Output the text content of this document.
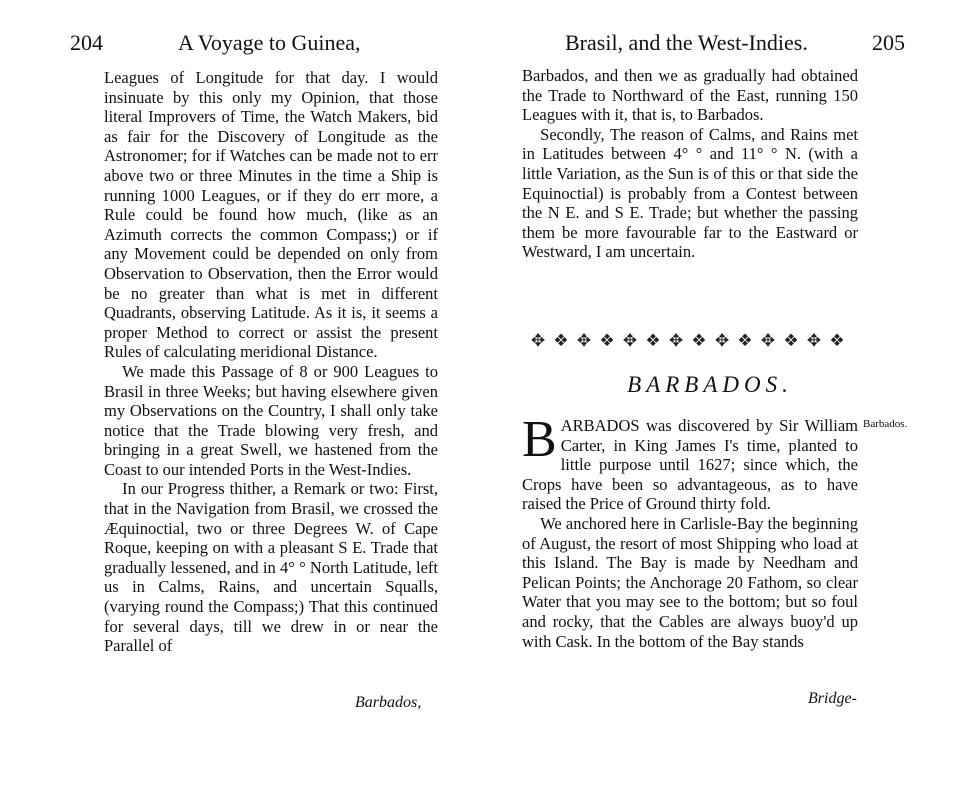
204	A Voyage to Guinea,

Leagues of Longitude for that day. I would insinuate by this only my Opinion, that those literal Improvers of Time, the Watch Makers, bid as fair for the Discovery of Longitude as the Astronomer; for if Watches can be made not to err above two or three Minutes in the time a Ship is running 1000 Leagues, or if they do err more, a Rule could be found how much, (like as an Azimuth corrects the common Compass;) or if any Movement could be depended on only from Observation to Observation, then the Error would be no greater than what is met in different Quadrants, observing Latitude. As it is, it seems a proper Method to correct or assist the present Rules of calculating meridional Distance.

We made this Passage of 8 or 900 Leagues to Brasil in three Weeks; but having elsewhere given my Observations on the Country, I shall only take notice that the Trade blowing very fresh, and bringing in a great Swell, we hastened from the Coast to our intended Ports in the West-Indies.

In our Progress thither, a Remark or two: First, that in the Navigation from Brasil, we crossed the Æquinoctial, two or three Degrees W. of Cape Roque, keeping on with a pleasant S E. Trade that gradually lessened, and in 4° ° North Latitude, left us in Calms, Rains, and uncertain Squalls, (varying round the Compass;) That this continued for several days, till we drew in or near the Parallel of

Barbados,
Brasil, and the West-Indies.	205

Barbados, and then we as gradually had obtained the Trade to Northward of the East, running 150 Leagues with it, that is, to Barbados.

Secondly, The reason of Calms, and Rains met in Latitudes between 4° ° and 11° ° N. (with a little Variation, as the Sun is of this or that side the Equinoctial) is probably from a Contest between the N E. and S E. Trade; but whether the passing them be more favourable far to the Eastward or Westward, I am uncertain.

✥ ❖ ✥ ❖ ✥ ❖ ✥ ❖ ✥ ❖ ✥ ❖ ✥ ❖
BARBADOS.
Barbados.

BARBADOS was discovered by Sir William Carter, in King James I's time, planted to little purpose until 1627; since which, the Crops have been so advantageous, as to have raised the Price of Ground thirty fold.

We anchored here in Carlisle-Bay the beginning of August, the resort of most Shipping who load at this Island. The Bay is made by Needham and Pelican Points; the Anchorage 20 Fathom, so clear Water that you may see to the bottom; but so foul and rocky, that the Cables are always buoy'd up with Cask. In the bottom of the Bay stands

Bridge-
